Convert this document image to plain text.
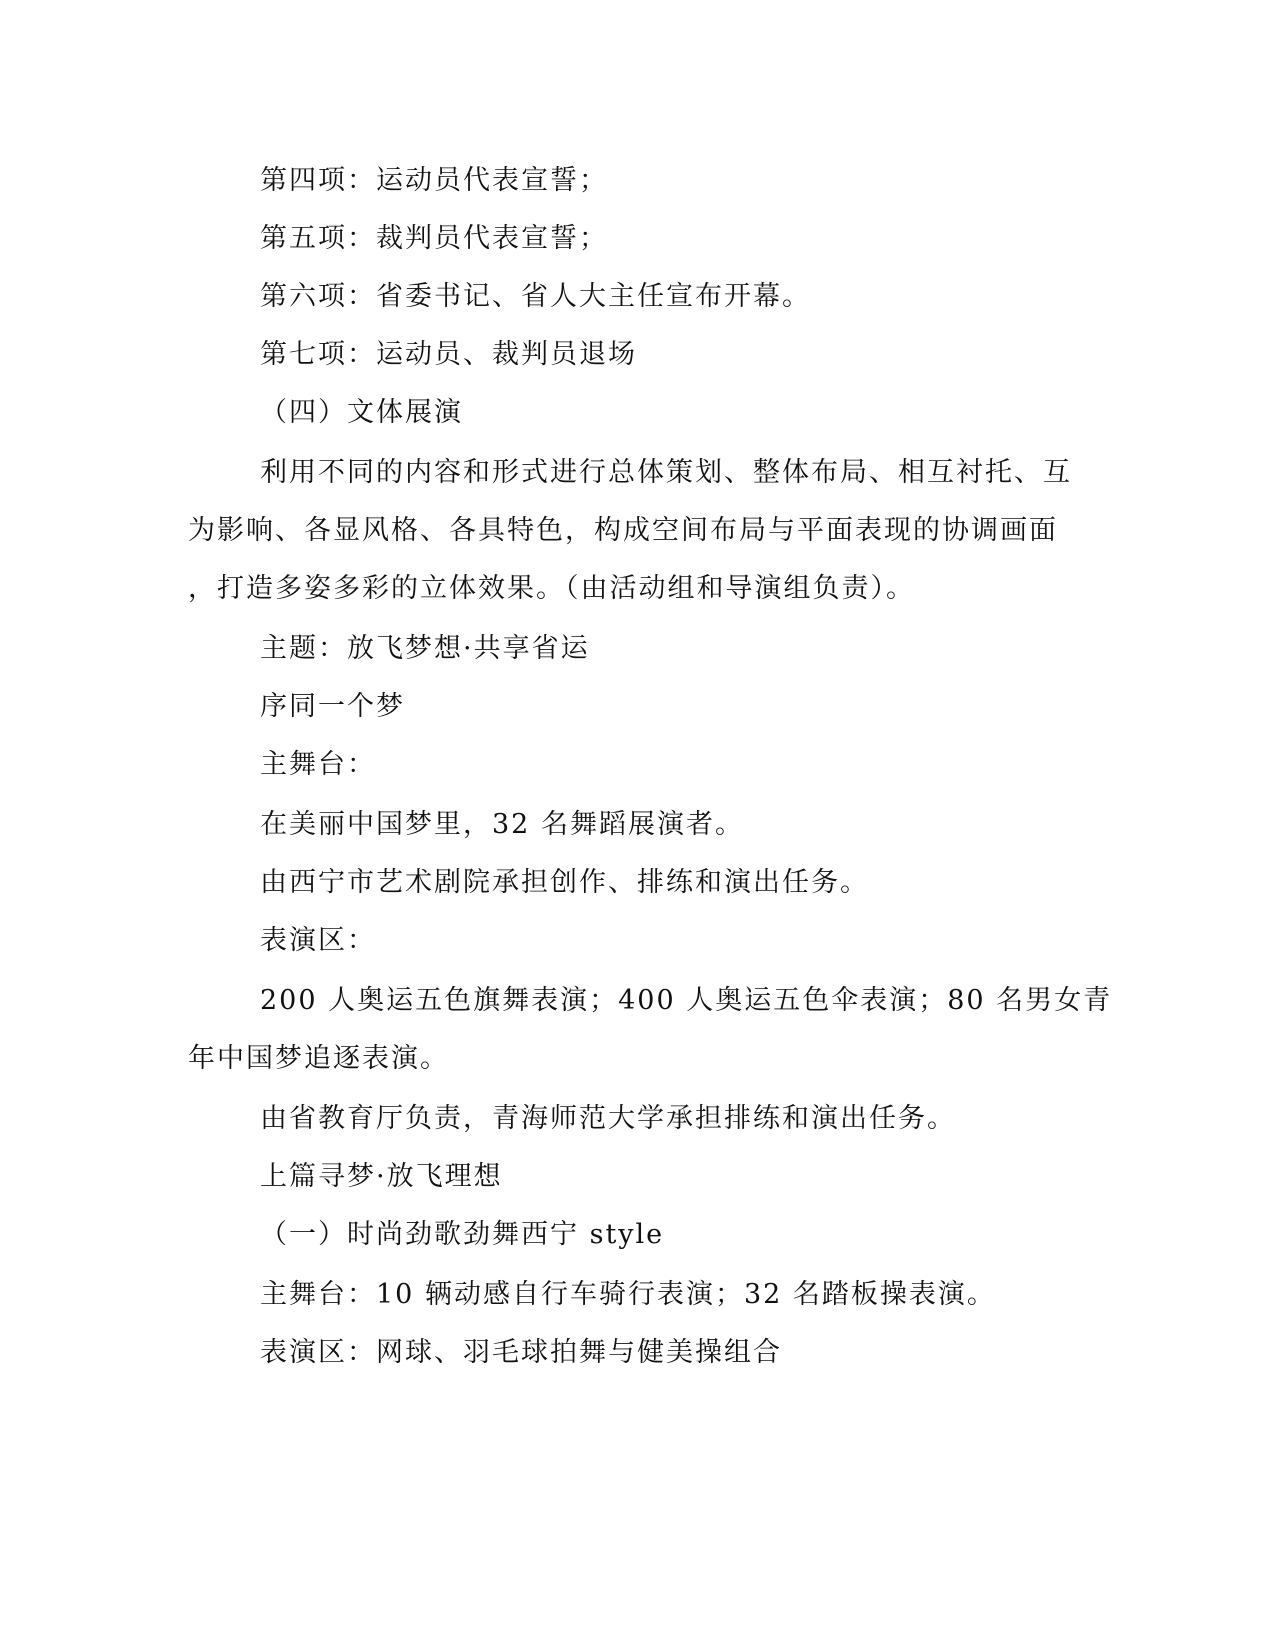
第四项：运动员代表宣誓；
第五项：裁判员代表宣誓；
第六项：省委书记、省人大主任宣布开幕。
第七项：运动员、裁判员退场
（四）文体展演
利用不同的内容和形式进行总体策划、整体布局、相互衬托、互
为影响、各显风格、各具特色，构成空间布局与平面表现的协调画面
，打造多姿多彩的立体效果。（由活动组和导演组负责）。
主题：放飞梦想·共享省运
序同一个梦
主舞台：
在美丽中国梦里，32 名舞蹈展演者。
由西宁市艺术剧院承担创作、排练和演出任务。
表演区：
200 人奥运五色旗舞表演；400 人奥运五色伞表演；80 名男女青
年中国梦追逐表演。
由省教育厅负责，青海师范大学承担排练和演出任务。
上篇寻梦·放飞理想
（一）时尚劲歌劲舞西宁 style
主舞台：10 辆动感自行车骑行表演；32 名踏板操表演。
表演区：网球、羽毛球拍舞与健美操组合
